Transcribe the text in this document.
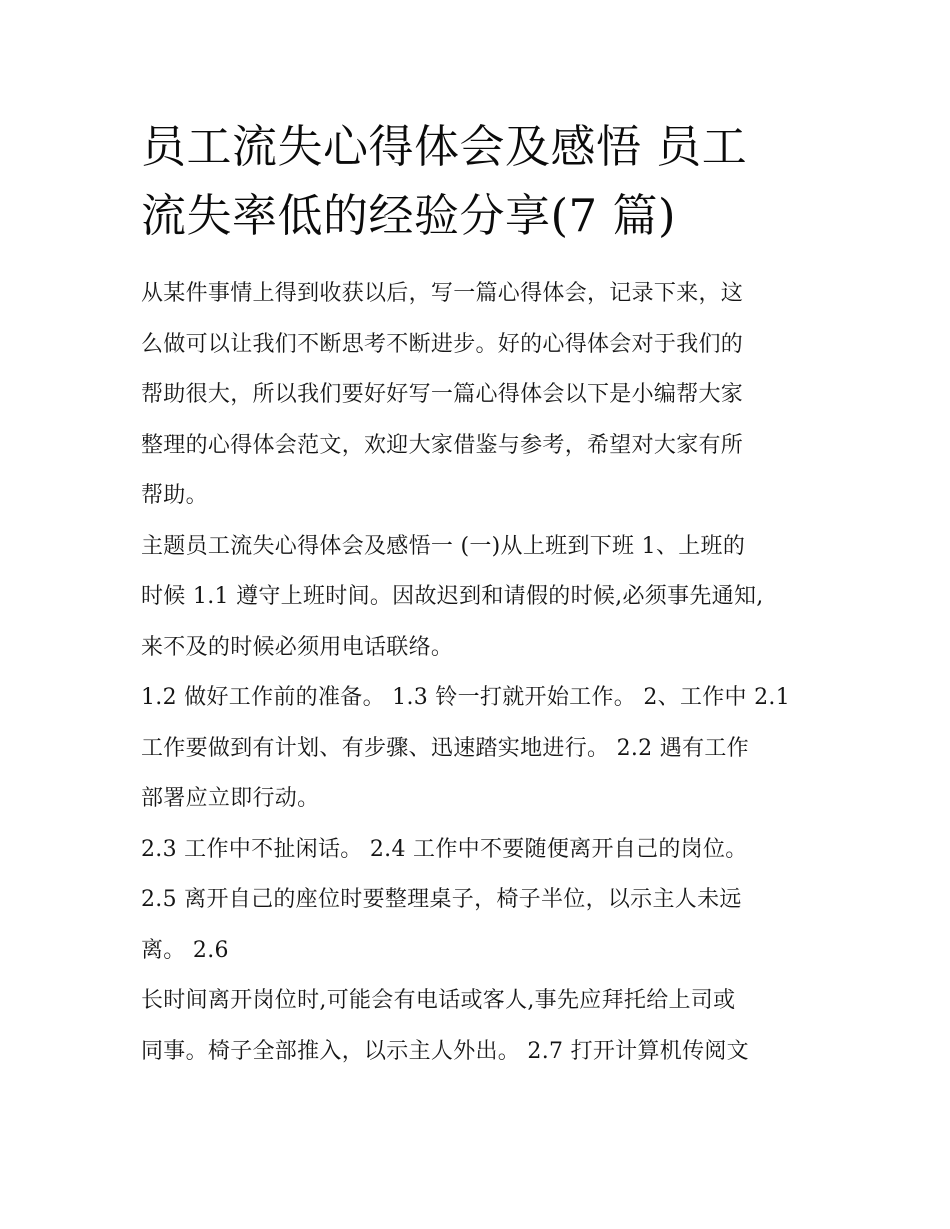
员工流失心得体会及感悟 员工
流失率低的经验分享(7 篇)

从某件事情上得到收获以后，写一篇心得体会，记录下来，这
么做可以让我们不断思考不断进步。好的心得体会对于我们的
帮助很大，所以我们要好好写一篇心得体会以下是小编帮大家
整理的心得体会范文，欢迎大家借鉴与参考，希望对大家有所
帮助。

主题员工流失心得体会及感悟一 (一)从上班到下班 1、上班的
时候 1.1 遵守上班时间。因故迟到和请假的时候,必须事先通知,
来不及的时候必须用电话联络。

1.2 做好工作前的准备。 1.3 铃一打就开始工作。 2、工作中 2.1
工作要做到有计划、有步骤、迅速踏实地进行。 2.2 遇有工作
部署应立即行动。

2.3 工作中不扯闲话。 2.4 工作中不要随便离开自己的岗位。

2.5 离开自己的座位时要整理桌子，椅子半位，以示主人未远
离。 2.6

长时间离开岗位时,可能会有电话或客人,事先应拜托给上司或
同事。椅子全部推入，以示主人外出。 2.7 打开计算机传阅文
